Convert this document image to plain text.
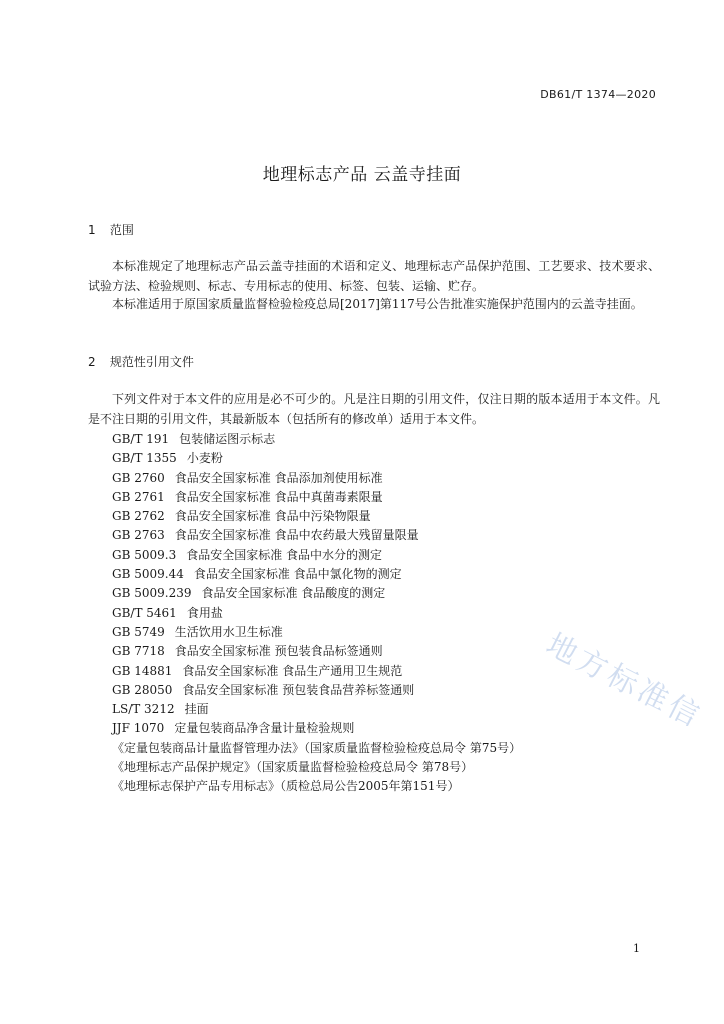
DB61/T 1374—2020
地理标志产品 云盖寺挂面
1 范围

本标准规定了地理标志产品云盖寺挂面的术语和定义、地理标志产品保护范围、工艺要求、技术要求、试验方法、检验规则、标志、专用标志的使用、标签、包装、运输、贮存。

本标准适用于原国家质量监督检验检疫总局[2017]第117号公告批准实施保护范围内的云盖寺挂面。

2 规范性引用文件

下列文件对于本文件的应用是必不可少的。凡是注日期的引用文件，仅注日期的版本适用于本文件。凡是不注日期的引用文件，其最新版本（包括所有的修改单）适用于本文件。

GB/T 191 包装储运图示标志
GB/T 1355 小麦粉
GB 2760 食品安全国家标准 食品添加剂使用标准
GB 2761 食品安全国家标准 食品中真菌毒素限量
GB 2762 食品安全国家标准 食品中污染物限量
GB 2763 食品安全国家标准 食品中农药最大残留量限量
GB 5009.3 食品安全国家标准 食品中水分的测定
GB 5009.44 食品安全国家标准 食品中氯化物的测定
GB 5009.239 食品安全国家标准 食品酸度的测定
GB/T 5461 食用盐
GB 5749 生活饮用水卫生标准
GB 7718 食品安全国家标准 预包装食品标签通则
GB 14881 食品安全国家标准 食品生产通用卫生规范
GB 28050 食品安全国家标准 预包装食品营养标签通则
LS/T 3212 挂面
JJF 1070 定量包装商品净含量计量检验规则
《定量包装商品计量监督管理办法》（国家质量监督检验检疫总局令 第75号）
《地理标志产品保护规定》（国家质量监督检验检疫总局令 第78号）
《地理标志保护产品专用标志》（质检总局公告2005年第151号）
地方标准信
1
